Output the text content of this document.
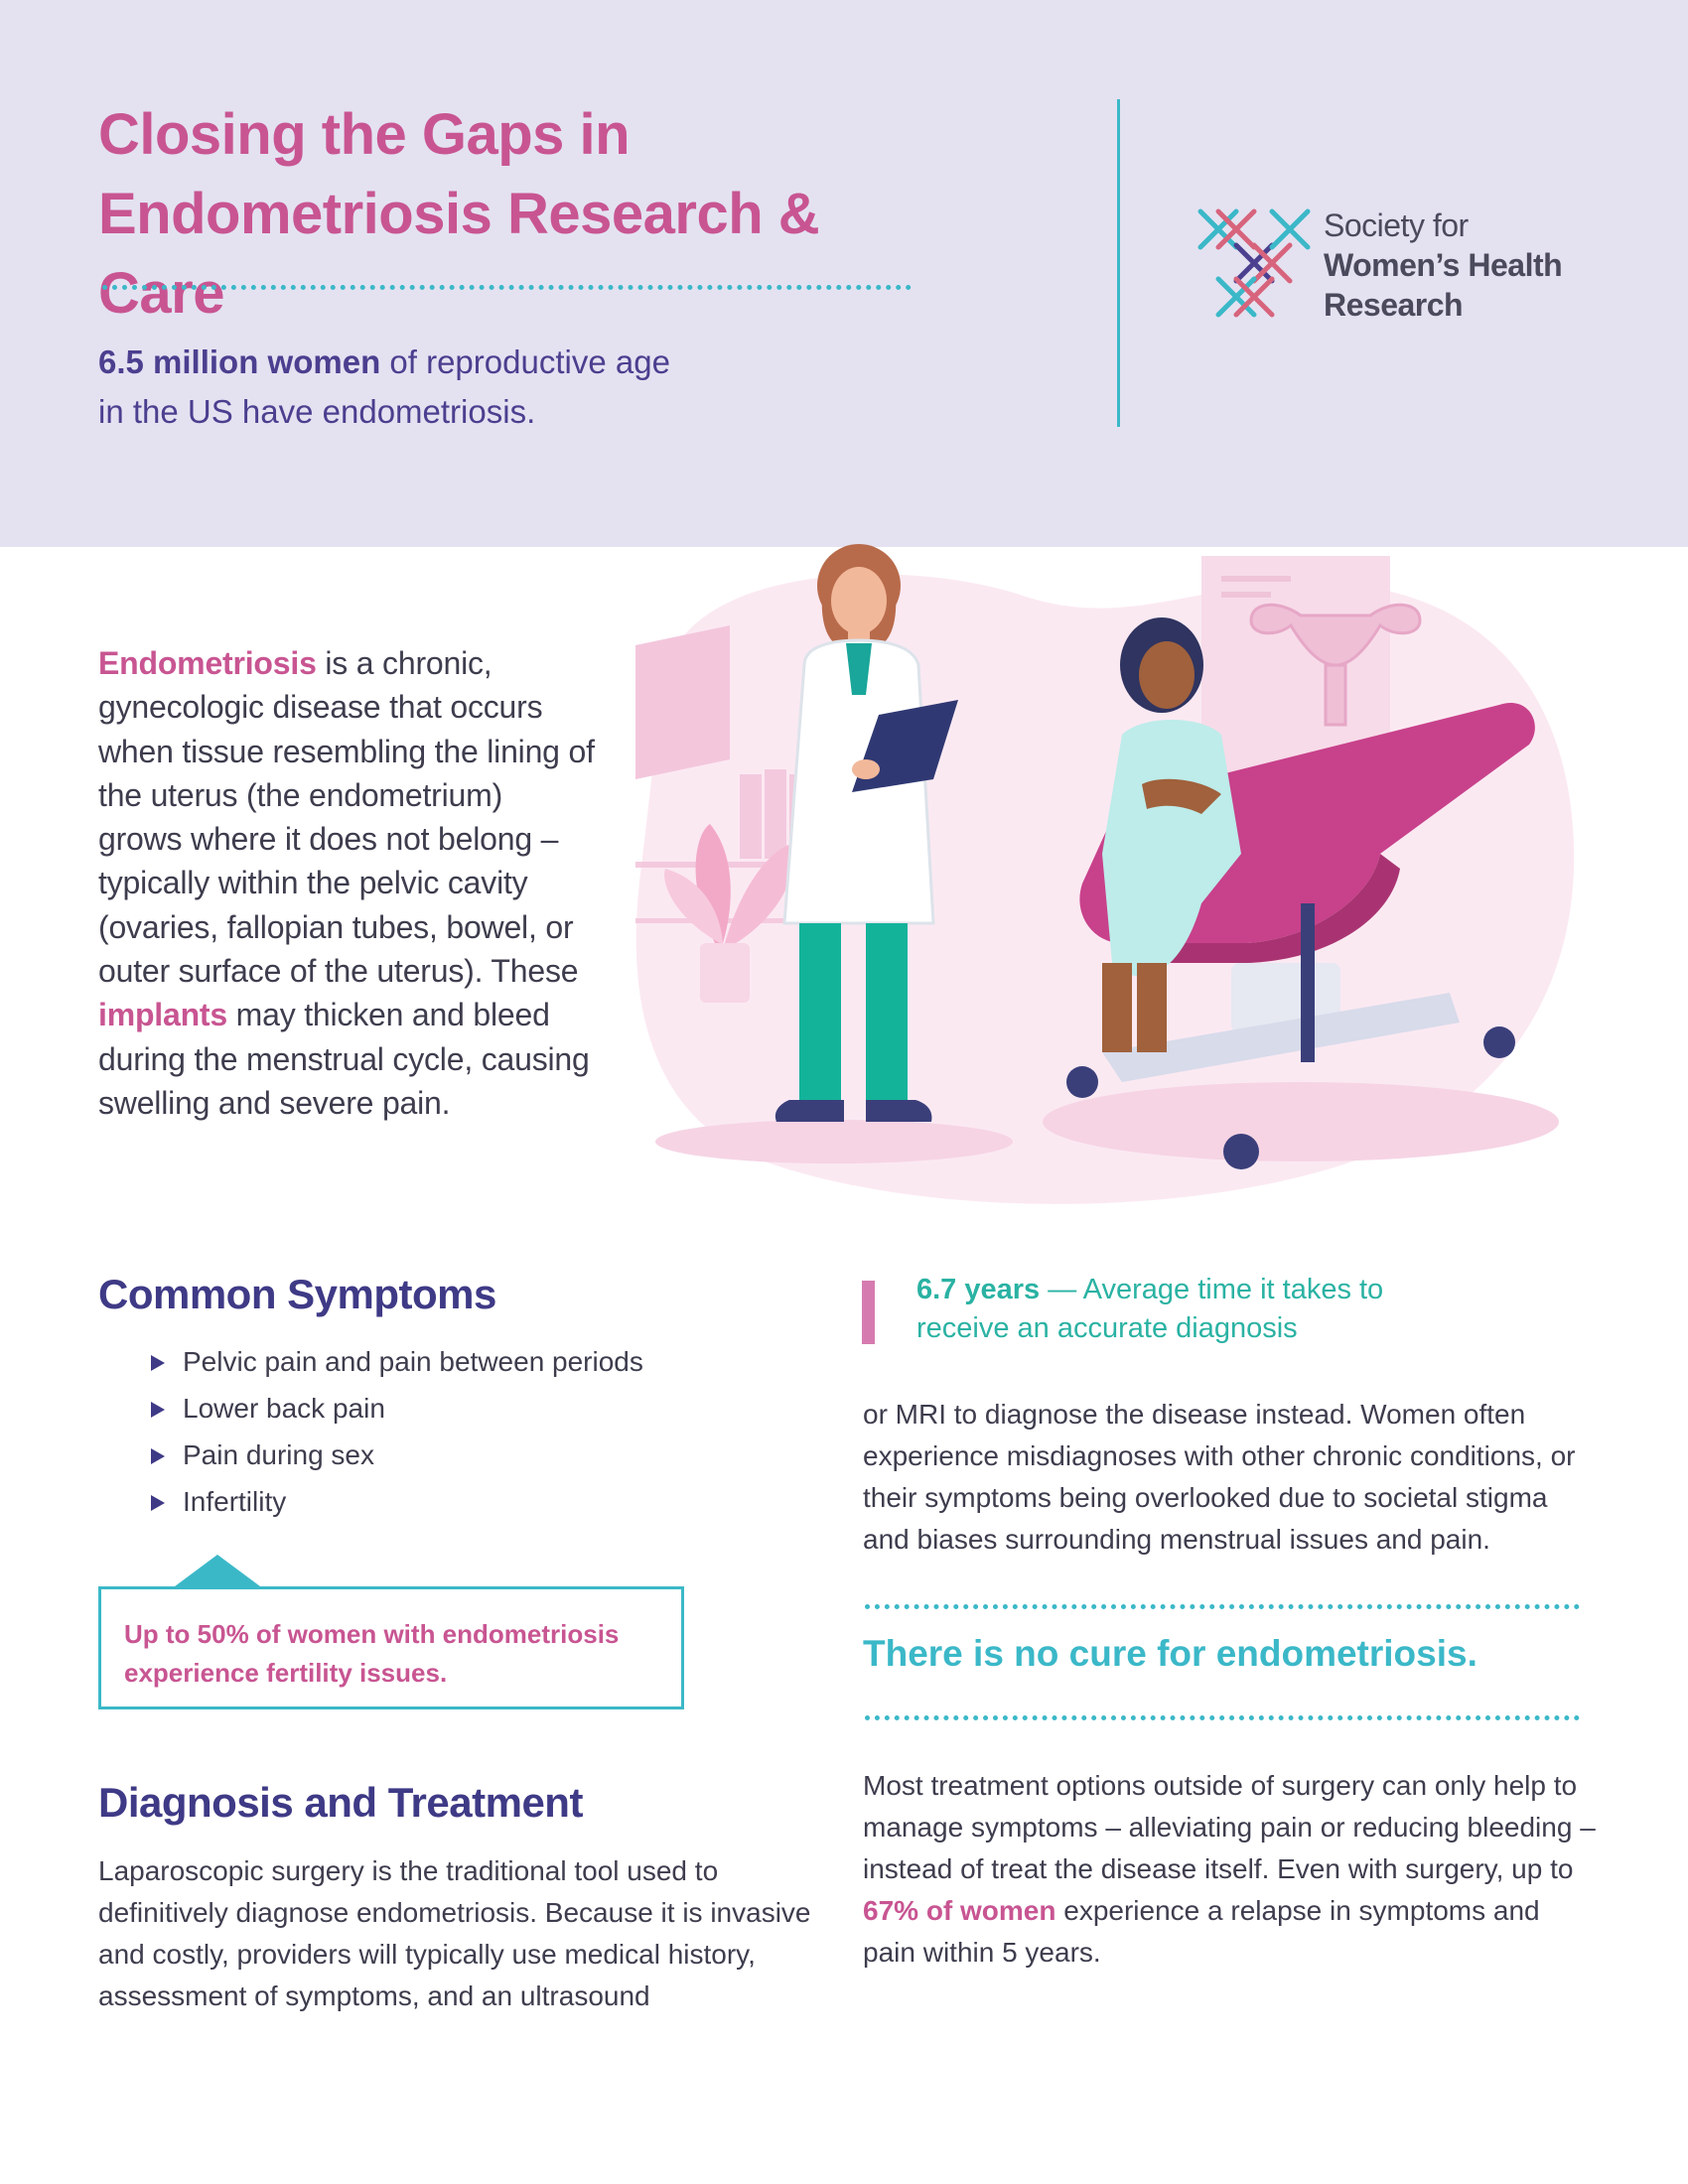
Closing the Gaps in
Endometriosis Research & Care
6.5 million women of reproductive age
in the US have endometriosis.
Society for
Women’s Health
Research

Endometriosis is a chronic, gynecologic disease that occurs when tissue resembling the lining of the uterus (the endometrium) grows where it does not belong – typically within the pelvic cavity (ovaries, fallopian tubes, bowel, or outer surface of the uterus). These implants may thicken and bleed during the menstrual cycle, causing swelling and severe pain.

Common Symptoms
Pelvic pain and pain between periods
Lower back pain
Pain during sex
Infertility
Up to 50% of women with endometriosis
experience fertility issues.
Diagnosis and Treatment

Laparoscopic surgery is the traditional tool used to definitively diagnose endometriosis. Because it is invasive and costly, providers will typically use medical history, assessment of symptoms, and an ultrasound

6.7 years — Average time it takes to receive an accurate diagnosis

or MRI to diagnose the disease instead. Women often experience misdiagnoses with other chronic conditions, or their symptoms being overlooked due to societal stigma and biases surrounding menstrual issues and pain.

There is no cure for endometriosis.

Most treatment options outside of surgery can only help to manage symptoms – alleviating pain or reducing bleeding – instead of treat the disease itself. Even with surgery, up to 67% of women experience a relapse in symptoms and pain within 5 years.
